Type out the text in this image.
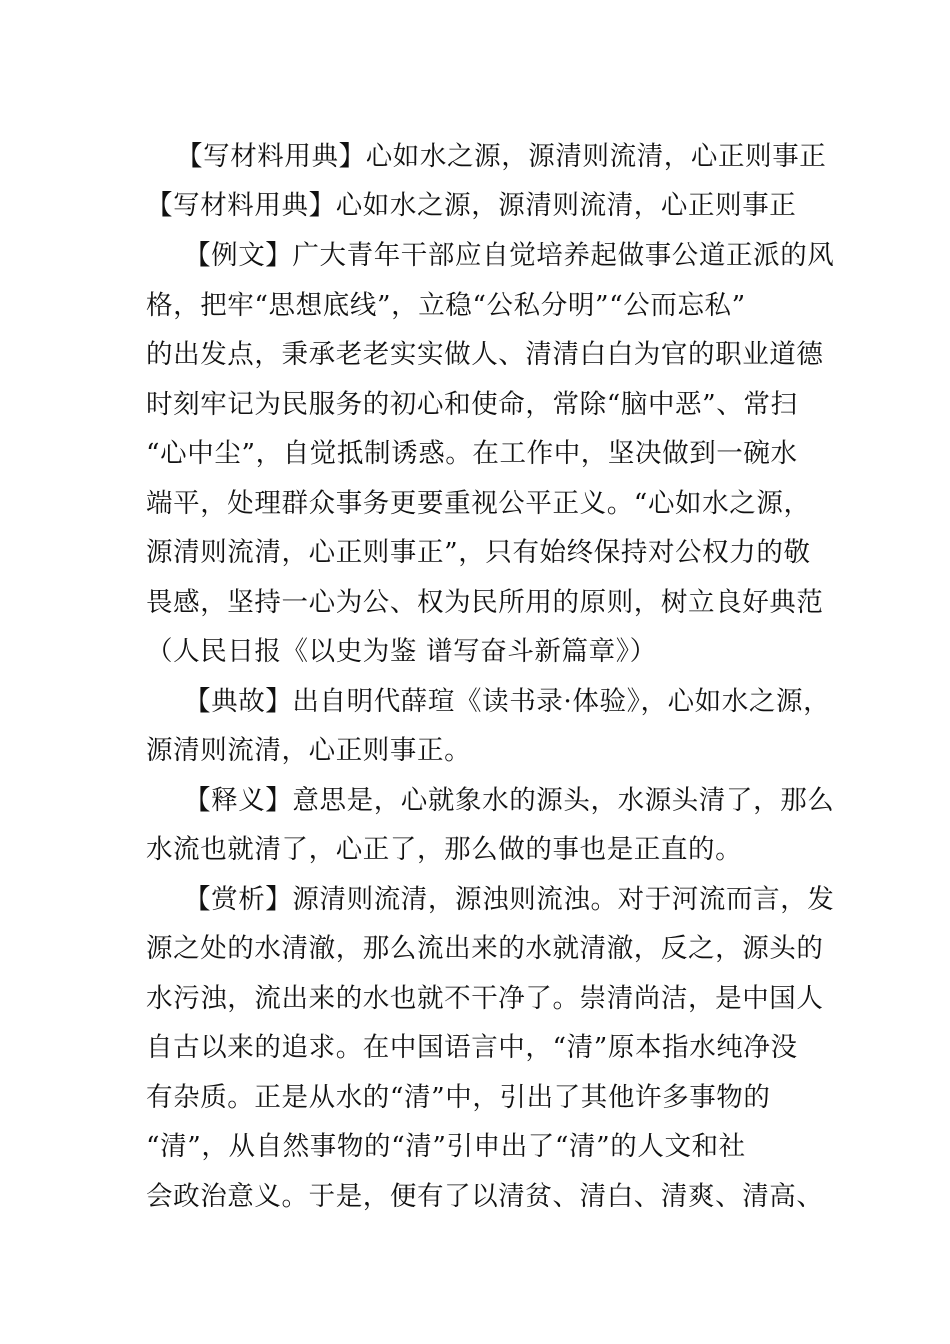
【写材料用典】心如水之源，源清则流清，心正则事正
【写材料用典】心如水之源，源清则流清，心正则事正
【例文】广大青年干部应自觉培养起做事公道正派的风
格，把牢“思想底线”，立稳“公私分明”“公而忘私”
的出发点，秉承老老实实做人、清清白白为官的职业道德
时刻牢记为民服务的初心和使命，常除“脑中恶”、常扫
“心中尘”，自觉抵制诱惑。在工作中，坚决做到一碗水
端平，处理群众事务更要重视公平正义。“心如水之源，
源清则流清，心正则事正”，只有始终保持对公权力的敬
畏感，坚持一心为公、权为民所用的原则，树立良好典范
（人民日报《以史为鉴 谱写奋斗新篇章》）
【典故】出自明代薛瑄《读书录·体验》，心如水之源，
源清则流清，心正则事正。
【释义】意思是，心就象水的源头，水源头清了，那么
水流也就清了，心正了，那么做的事也是正直的。
【赏析】源清则流清，源浊则流浊。对于河流而言，发
源之处的水清澈，那么流出来的水就清澈，反之，源头的
水污浊，流出来的水也就不干净了。崇清尚洁，是中国人
自古以来的追求。在中国语言中，“清”原本指水纯净没
有杂质。正是从水的“清”中，引出了其他许多事物的
“清”，从自然事物的“清”引申出了“清”的人文和社
会政治意义。于是，便有了以清贫、清白、清爽、清高、
